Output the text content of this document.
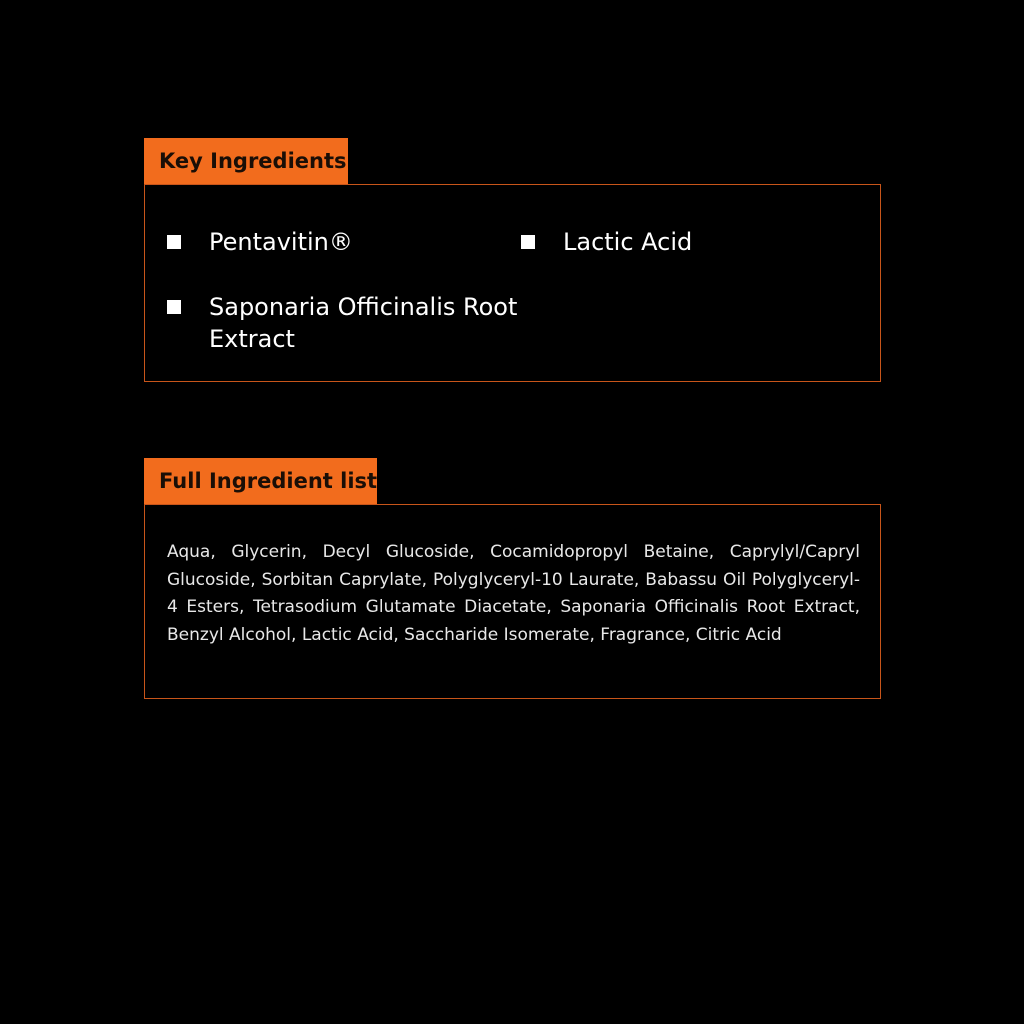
Key Ingredients
Pentavitin®	Lactic Acid
Saponaria Officinalis Root Extract
Full Ingredient list
Aqua, Glycerin, Decyl Glucoside, Cocamidopropyl Betaine, Caprylyl/Capryl Glucoside, Sorbitan Caprylate, Polyglyceryl-10 Laurate, Babassu Oil Polyglyceryl-4 Esters, Tetrasodium Glutamate Diacetate, Saponaria Officinalis Root Extract, Benzyl Alcohol, Lactic Acid, Saccharide Isomerate, Fragrance, Citric Acid
